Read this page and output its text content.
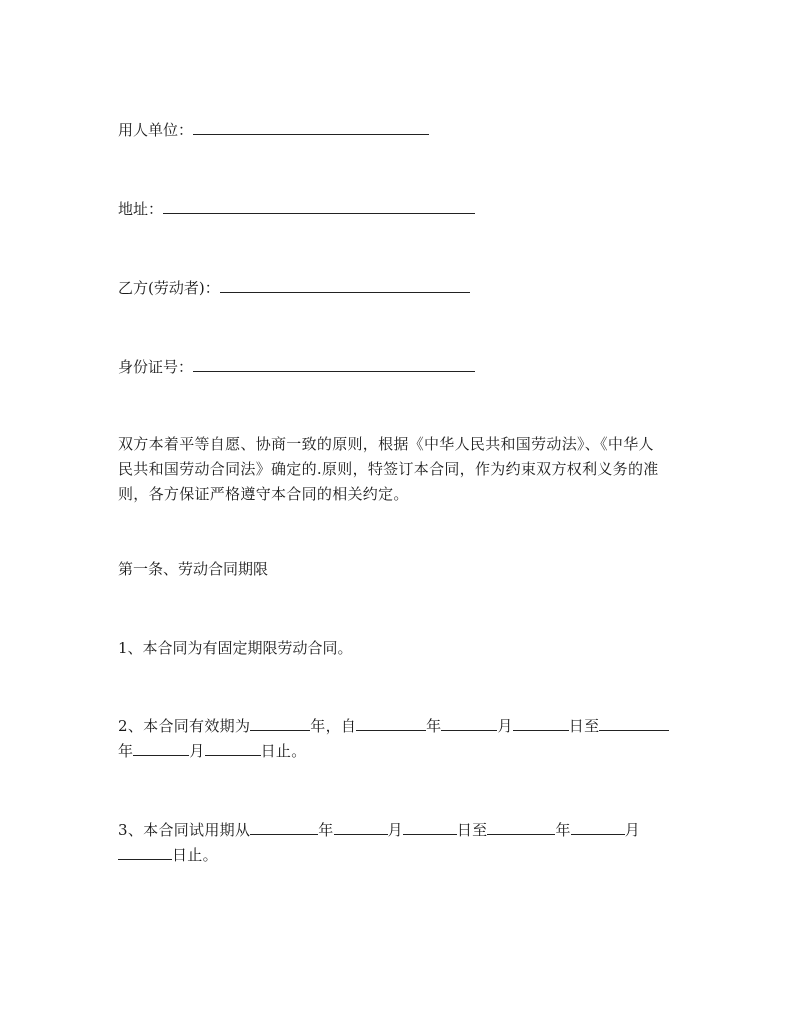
用人单位：
地址：
乙方(劳动者)：
身份证号：
双方本着平等自愿、协商一致的原则，根据《中华人民共和国劳动法》、《中华人
民共和国劳动合同法》确定的.原则，特签订本合同，作为约束双方权利义务的准
则，各方保证严格遵守本合同的相关约定。
第一条、劳动合同期限
1、本合同为有固定期限劳动合同。
2、本合同有效期为	年，自	年	月	日至
年	月	日止。
3、本合同试用期从	年	月	日至	年	月
日止。
